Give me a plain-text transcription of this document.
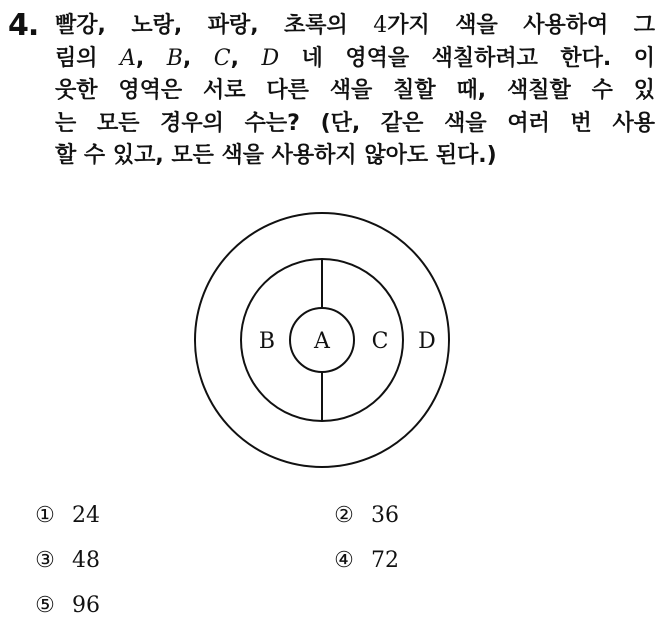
4. 빨강, 노랑, 파랑, 초록의 4가지 색을 사용하여 그
림의 A, B, C, D 네 영역을 색칠하려고 한다. 이
웃한 영역은 서로 다른 색을 칠할 때, 색칠할 수 있
는 모든 경우의 수는? (단, 같은 색을 여러 번 사용
할 수 있고, 모든 색을 사용하지 않아도 된다.)
A
B	C D
① 24	② 36
③ 48	④ 72
⑤ 96
